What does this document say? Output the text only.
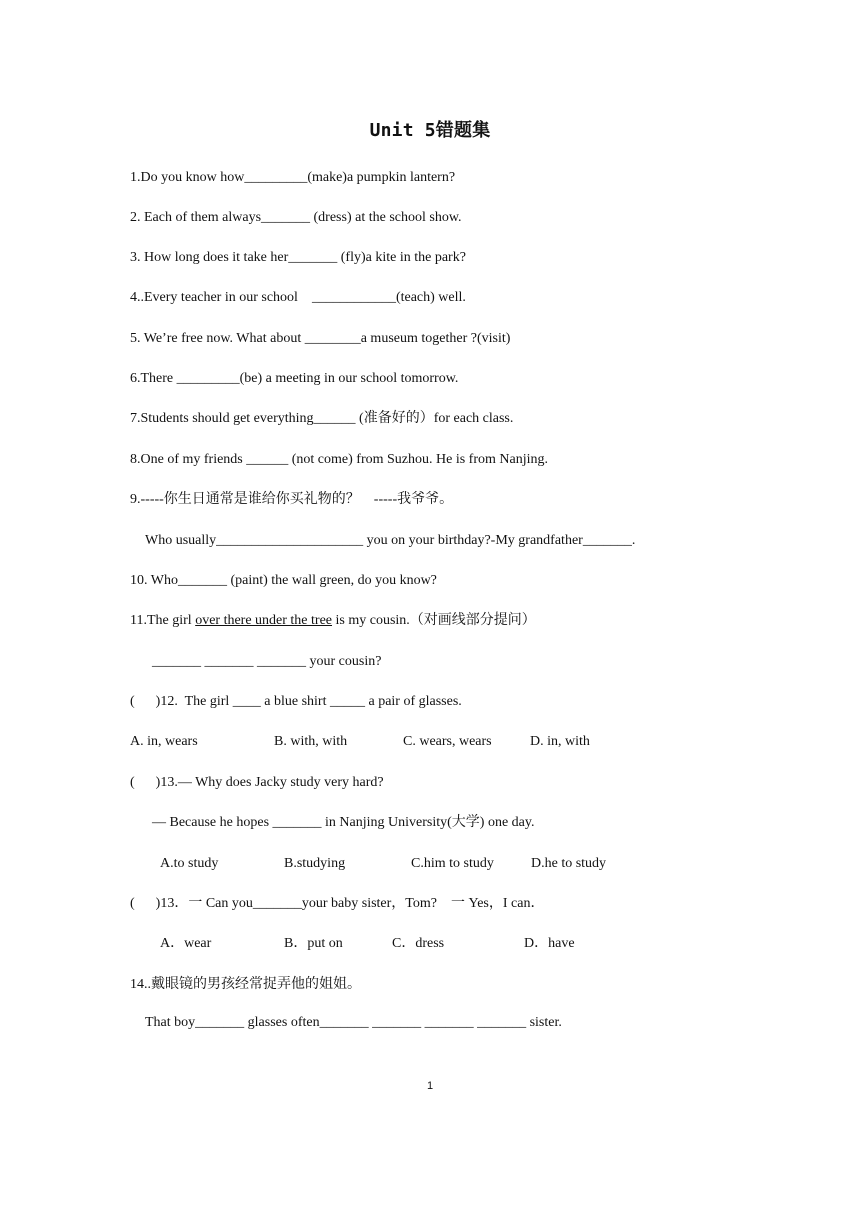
Unit 5错题集
1.Do you know how_________(make)a pumpkin lantern?
2. Each of them always_______ (dress) at the school show.
3. How long does it take her_______ (fly)a kite in the park?
4..Every teacher in our school    ____________(teach) well.
5. We’re free now. What about ________a museum together ?(visit)
6.There _________(be) a meeting in our school tomorrow.
7.Students should get everything______ (准备好的）for each class.
8.One of my friends ______ (not come) from Suzhou. He is from Nanjing.
9.-----你生日通常是谁给你买礼物的？    -----我爷爷。
Who usually_____________________ you on your birthday?-My grandfather_______.
10. Who_______ (paint) the wall green, do you know?
11.The girl over there under the tree is my cousin.（对画线部分提问）
_______ _______ _______ your cousin?
(      )12.  The girl ____ a blue shirt _____ a pair of glasses.
A. in, wears	B. with, with	C. wears, wears	D. in, with
(      )13.— Why does Jacky study very hard?
— Because he hopes _______ in Nanjing University(大学) one day.
A.to study	B.studying	C.him to study	D.he to study
(      )13．一 Can you_______your baby sister，Tom?    一 Yes，I can．
A．wear	B．put on	C．dress	D．have
14..戴眼镜的男孩经常捉弄他的姐姐。
That boy_______ glasses often_______ _______ _______ _______ sister.
1
